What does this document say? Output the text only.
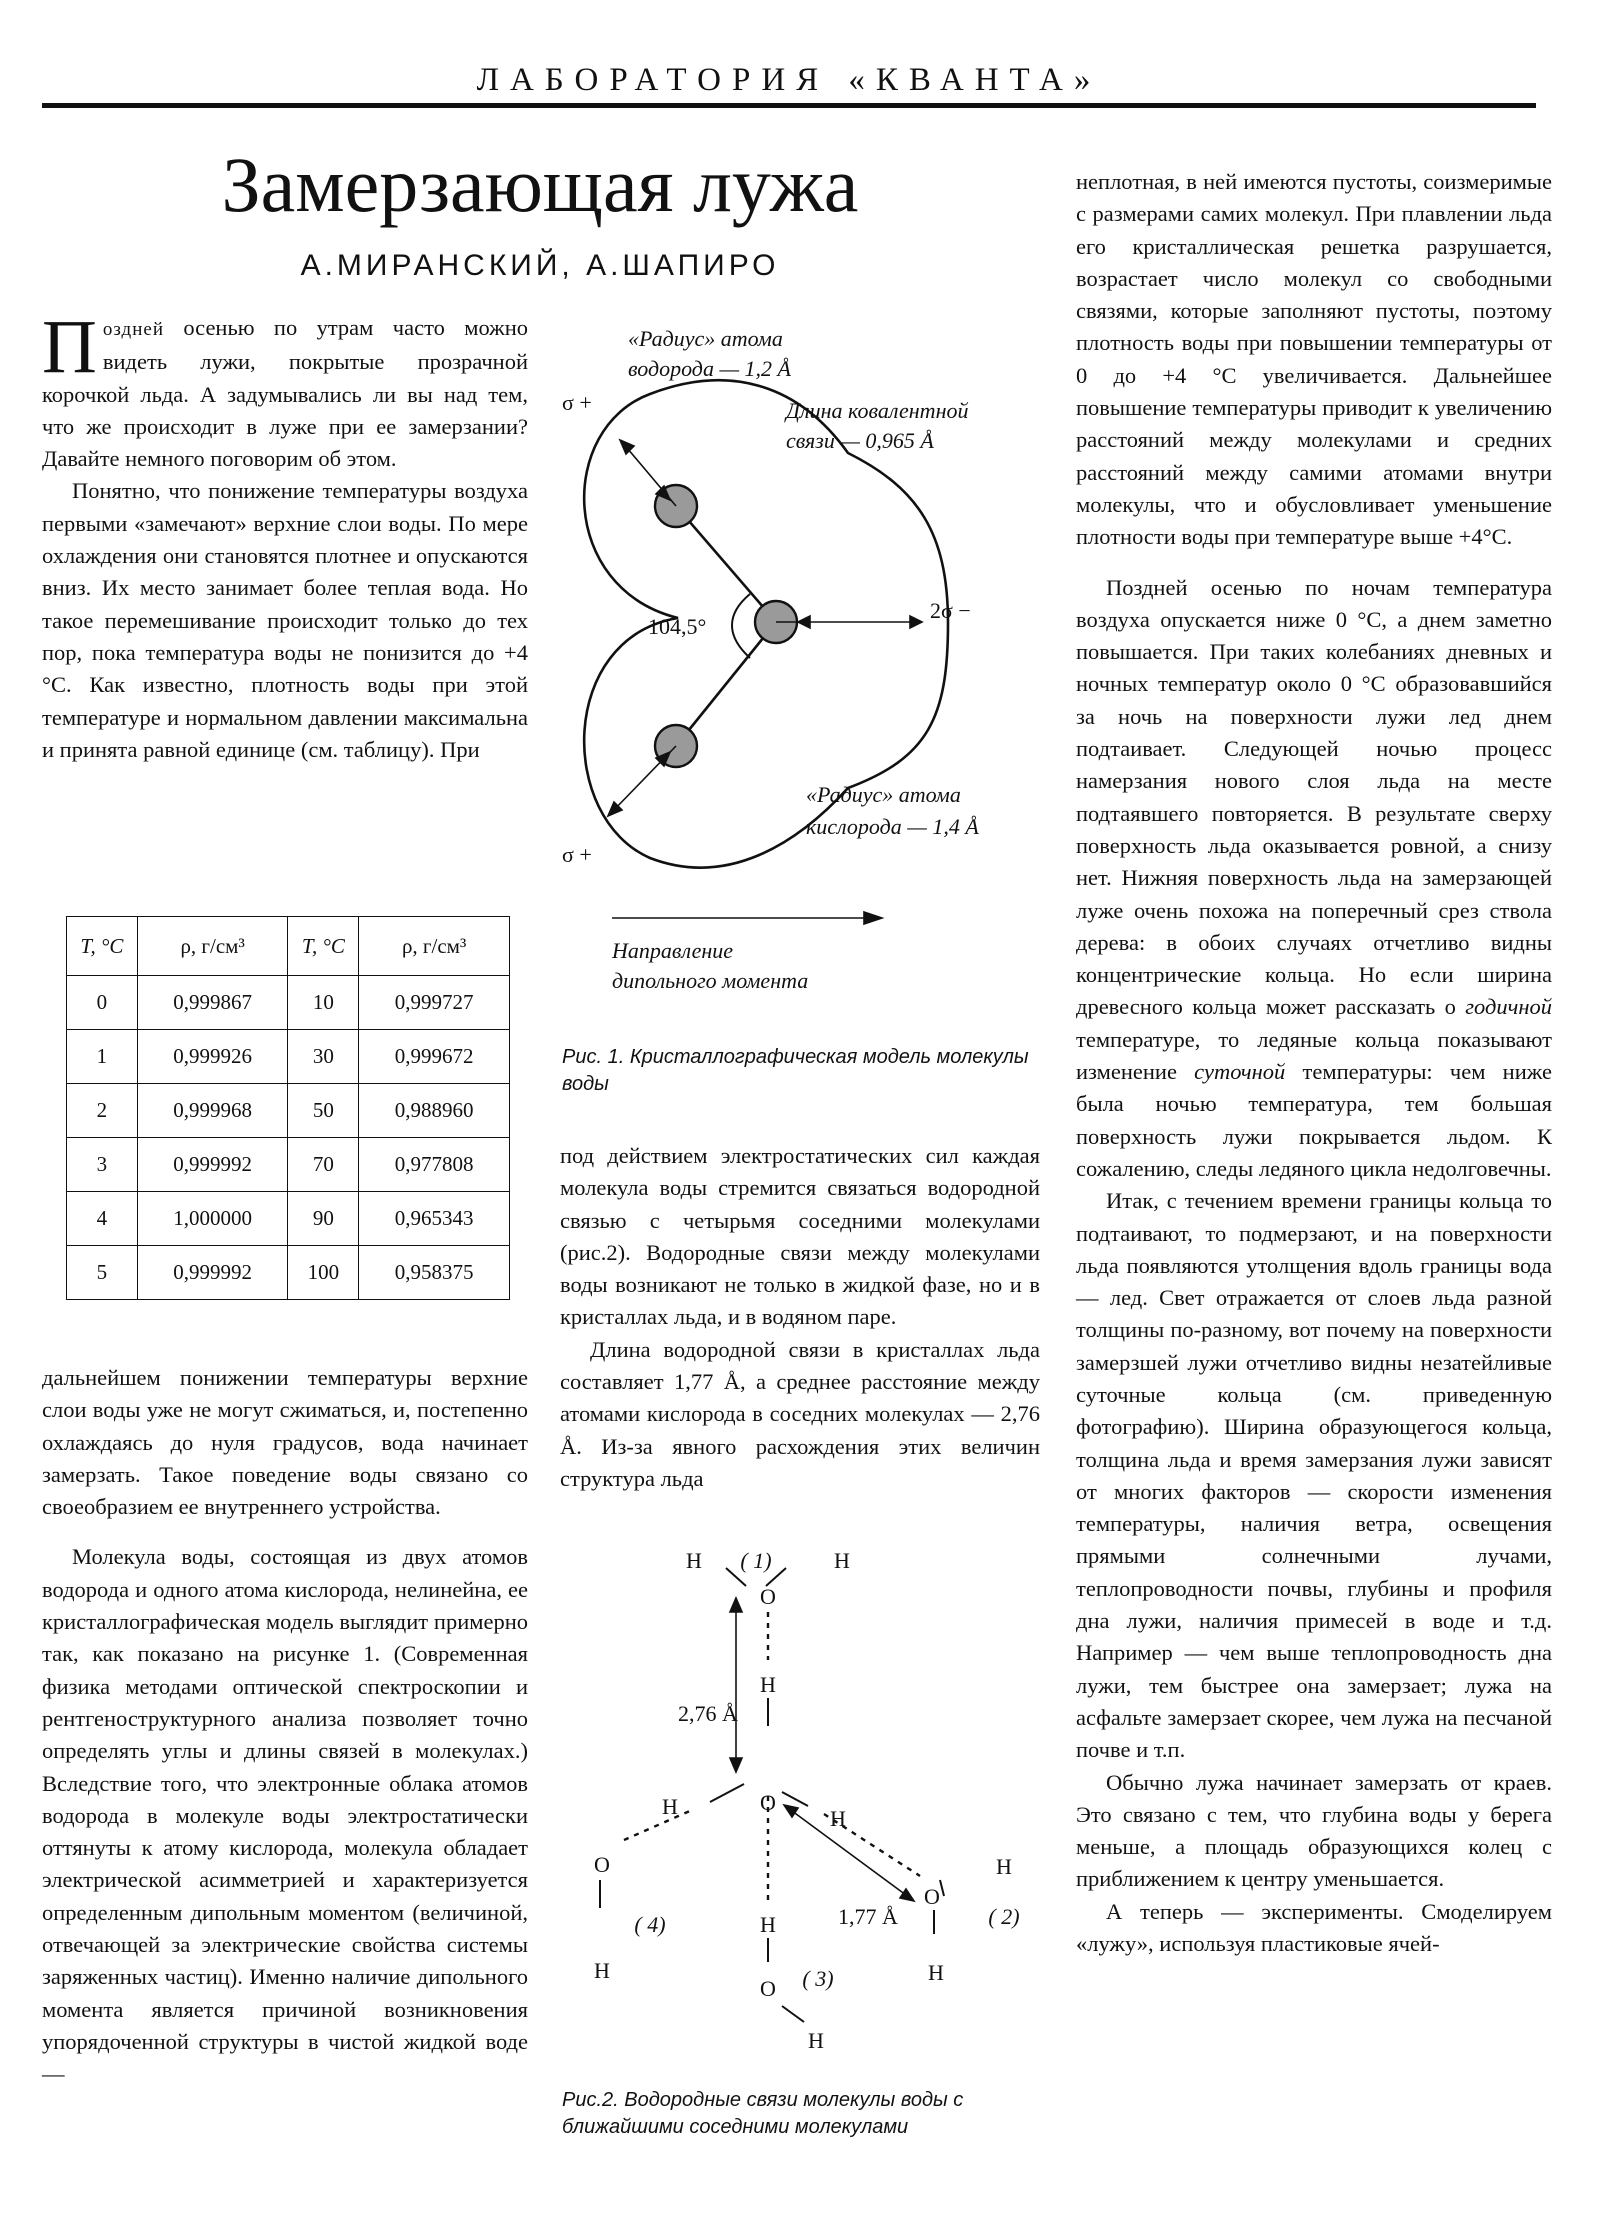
ЛАБОРАТОРИЯ «КВАНТА»
Замерзающая лужа
А.МИРАНСКИЙ, А.ШАПИРО

Поздней осенью по утрам часто можно видеть лужи, покрытые прозрачной корочкой льда. А задумывались ли вы над тем, что же происходит в луже при ее замерзании? Давайте немного поговорим об этом.

Понятно, что понижение температуры воздуха первыми «замечают» верхние слои воды. По мере охлаждения они становятся плотнее и опускаются вниз. Их место занимает более теплая вода. Но такое перемешивание происходит только до тех пор, пока температура воды не понизится до +4 °C. Как известно, плотность воды при этой температуре и нормальном давлении максимальна и принята равной единице (см. таблицу). При

T, °C	ρ, г/см³	T, °C	ρ, г/см³
0	0,999867	10	0,999727
1	0,999926	30	0,999672
2	0,999968	50	0,988960
3	0,999992	70	0,977808
4	1,000000	90	0,965343
5	0,999992	100	0,958375

дальнейшем понижении температуры верхние слои воды уже не могут сжиматься, и, постепенно охлаждаясь до нуля градусов, вода начинает замерзать. Такое поведение воды связано со своеобразием ее внутреннего устройства.

Молекула воды, состоящая из двух атомов водорода и одного атома кислорода, нелинейна, ее кристаллографическая модель выглядит примерно так, как показано на рисунке 1. (Современная физика методами оптической спектроскопии и рентгеноструктурного анализа позволяет точно определять углы и длины связей в молекулах.) Вследствие того, что электронные облака атомов водорода в молекуле воды электростатически оттянуты к атому кислорода, молекула обладает электрической асимметрией и характеризуется определенным дипольным моментом (величиной, отвечающей за электрические свойства системы заряженных частиц). Именно наличие дипольного момента является причиной возникновения упорядоченной структуры в чистой жидкой воде —

«Радиус» атома
водорода — 1,2 Å
Длина ковалентной
связи — 0,965 Å
104,5°
2σ −
σ +
σ +
«Радиус» атома
кислорода — 1,4 Å
Направление
дипольного момента
Рис. 1. Кристаллографическая модель молекулы воды

под действием электростатических сил каждая молекула воды стремится связаться водородной связью с четырьмя соседними молекулами (рис.2). Водородные связи между молекулами воды возникают не только в жидкой фазе, но и в кристаллах льда, и в водяном паре.

Длина водородной связи в кристаллах льда составляет 1,77 Å, а среднее расстояние между атомами кислорода в соседних молекулах — 2,76 Å. Из-за явного расхождения этих величин структура льда

H ( 1)	H
O
H
O
2,76 Å
H	H
O
( 4)
H
H	1,77 Å
O
( 2)
H
H
O ( 3)
H
Рис.2. Водородные связи молекулы воды с ближайшими соседними молекулами

неплотная, в ней имеются пустоты, соизмеримые с размерами самих молекул. При плавлении льда его кристаллическая решетка разрушается, возрастает число молекул со свободными связями, которые заполняют пустоты, поэтому плотность воды при повышении температуры от 0 до +4 °C увеличивается. Дальнейшее повышение температуры приводит к увеличению расстояний между молекулами и средних расстояний между самими атомами внутри молекулы, что и обусловливает уменьшение плотности воды при температуре выше +4°C.

Поздней осенью по ночам температура воздуха опускается ниже 0 °C, а днем заметно повышается. При таких колебаниях дневных и ночных температур около 0 °C образовавшийся за ночь на поверхности лужи лед днем подтаивает. Следующей ночью процесс намерзания нового слоя льда на месте подтаявшего повторяется. В результате сверху поверхность льда оказывается ровной, а снизу нет. Нижняя поверхность льда на замерзающей луже очень похожа на поперечный срез ствола дерева: в обоих случаях отчетливо видны концентрические кольца. Но если ширина древесного кольца может рассказать о годичной температуре, то ледяные кольца показывают изменение суточной температуры: чем ниже была ночью температура, тем большая поверхность лужи покрывается льдом. К сожалению, следы ледяного цикла недолговечны.

Итак, с течением времени границы кольца то подтаивают, то подмерзают, и на поверхности льда появляются утолщения вдоль границы вода — лед. Свет отражается от слоев льда разной толщины по-разному, вот почему на поверхности замерзшей лужи отчетливо видны незатейливые суточные кольца (см. приведенную фотографию). Ширина образующегося кольца, толщина льда и время замерзания лужи зависят от многих факторов — скорости изменения температуры, наличия ветра, освещения прямыми солнечными лучами, теплопроводности почвы, глубины и профиля дна лужи, наличия примесей в воде и т.д. Например — чем выше теплопроводность дна лужи, тем быстрее она замерзает; лужа на асфальте замерзает скорее, чем лужа на песчаной почве и т.п.

Обычно лужа начинает замерзать от краев. Это связано с тем, что глубина воды у берега меньше, а площадь образующихся колец с приближением к центру уменьшается.

А теперь — эксперименты. Смоделируем «лужу», используя пластиковые ячей-
